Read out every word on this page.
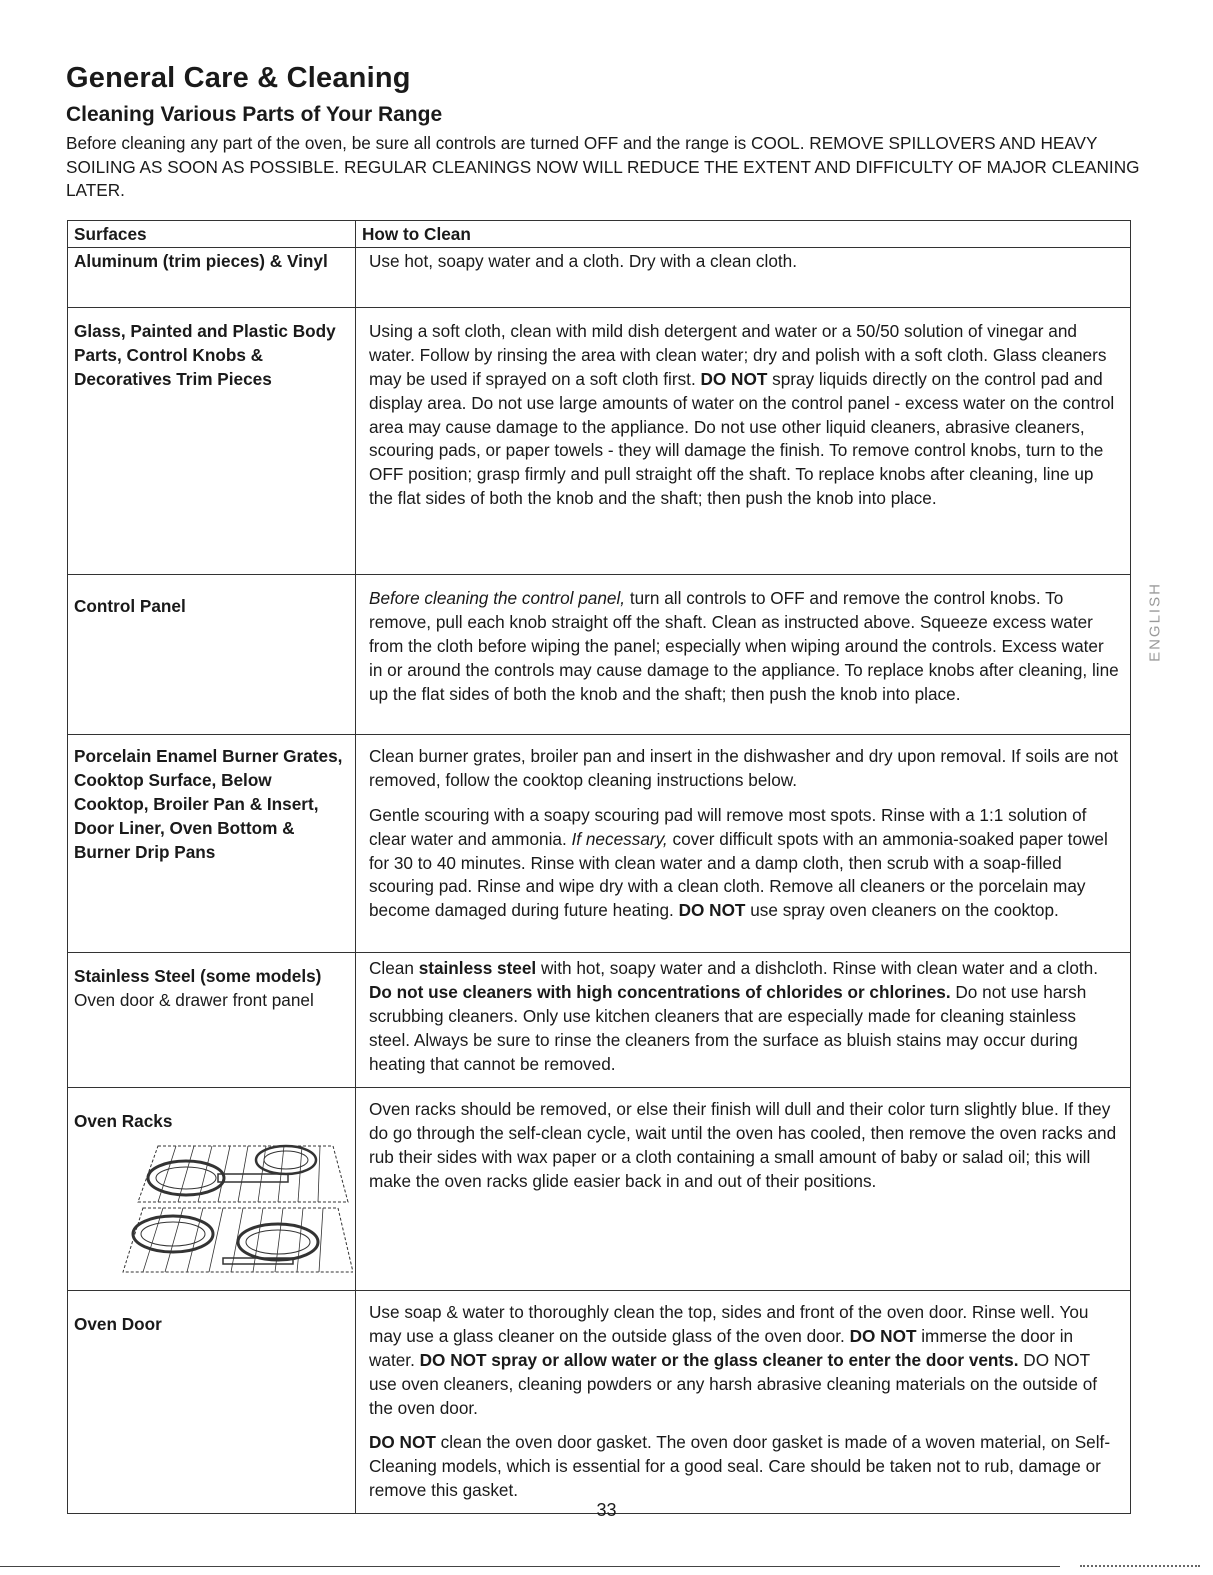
General Care & Cleaning
Cleaning Various Parts of Your Range

Before cleaning any part of the oven, be sure all controls are turned OFF and the range is COOL. REMOVE SPILLOVERS AND HEAVY SOILING AS SOON AS POSSIBLE. REGULAR CLEANINGS NOW WILL REDUCE THE EXTENT AND DIFFICULTY OF MAJOR CLEANING LATER.

Surfaces	How to Clean
Aluminum (trim pieces) & Vinyl	Use hot, soapy water and a cloth. Dry with a clean cloth.
Glass, Painted and Plastic Body Parts, Control Knobs & Decoratives Trim Pieces	Using a soft cloth, clean with mild dish detergent and water or a 50/50 solution of vinegar and water. Follow by rinsing the area with clean water; dry and polish with a soft cloth. Glass cleaners may be used if sprayed on a soft cloth first. DO NOT spray liquids directly on the control pad and display area. Do not use large amounts of water on the control panel - excess water on the control area may cause damage to the appliance. Do not use other liquid cleaners, abrasive cleaners, scouring pads, or paper towels - they will damage the finish. To remove control knobs, turn to the OFF position; grasp firmly and pull straight off the shaft. To replace knobs after cleaning, line up the flat sides of both the knob and the shaft; then push the knob into place.

Control Panel	Before cleaning the control panel, turn all controls to OFF and remove the control knobs. To remove, pull each knob straight off the shaft. Clean as instructed above. Squeeze excess water from the cloth before wiping the panel; especially when wiping around the controls. Excess water in or around the controls may cause damage to the appliance. To replace knobs after cleaning, line up the flat sides of both the knob and the shaft; then push the knob into place.

Porcelain Enamel Burner Grates, Cooktop Surface, Below Cooktop, Broiler Pan & Insert, Door Liner, Oven Bottom & Burner Drip Pans	Clean burner grates, broiler pan and insert in the dishwasher and dry upon removal. If soils are not removed, follow the cooktop cleaning instructions below.

Gentle scouring with a soapy scouring pad will remove most spots. Rinse with a 1:1 solution of clear water and ammonia. If necessary, cover difficult spots with an ammonia-soaked paper towel for 30 to 40 minutes. Rinse with clean water and a damp cloth, then scrub with a soap-filled scouring pad. Rinse and wipe dry with a clean cloth. Remove all cleaners or the porcelain may become damaged during future heating. DO NOT use spray oven cleaners on the cooktop.

Stainless Steel (some models) Oven door & drawer front panel	Clean stainless steel with hot, soapy water and a dishcloth. Rinse with clean water and a cloth. Do not use cleaners with high concentrations of chlorides or chlorines. Do not use harsh scrubbing cleaners. Only use kitchen cleaners that are especially made for cleaning stainless steel. Always be sure to rinse the cleaners from the surface as bluish stains may occur during heating that cannot be removed.

Oven Racks	Oven racks should be removed, or else their finish will dull and their color turn slightly blue. If they do go through the self-clean cycle, wait until the oven has cooled, then remove the oven racks and rub their sides with wax paper or a cloth containing a small amount of baby or salad oil; this will make the oven racks glide easier back in and out of their positions.

Oven Door	Use soap & water to thoroughly clean the top, sides and front of the oven door. Rinse well. You may use a glass cleaner on the outside glass of the oven door. DO NOT immerse the door in water. DO NOT spray or allow water or the glass cleaner to enter the door vents. DO NOT use oven cleaners, cleaning powders or any harsh abrasive cleaning materials on the outside of the oven door.

DO NOT clean the oven door gasket. The oven door gasket is made of a woven material, on Self-Cleaning models, which is essential for a good seal. Care should be taken not to rub, damage or remove this gasket.

ENGLISH
33
